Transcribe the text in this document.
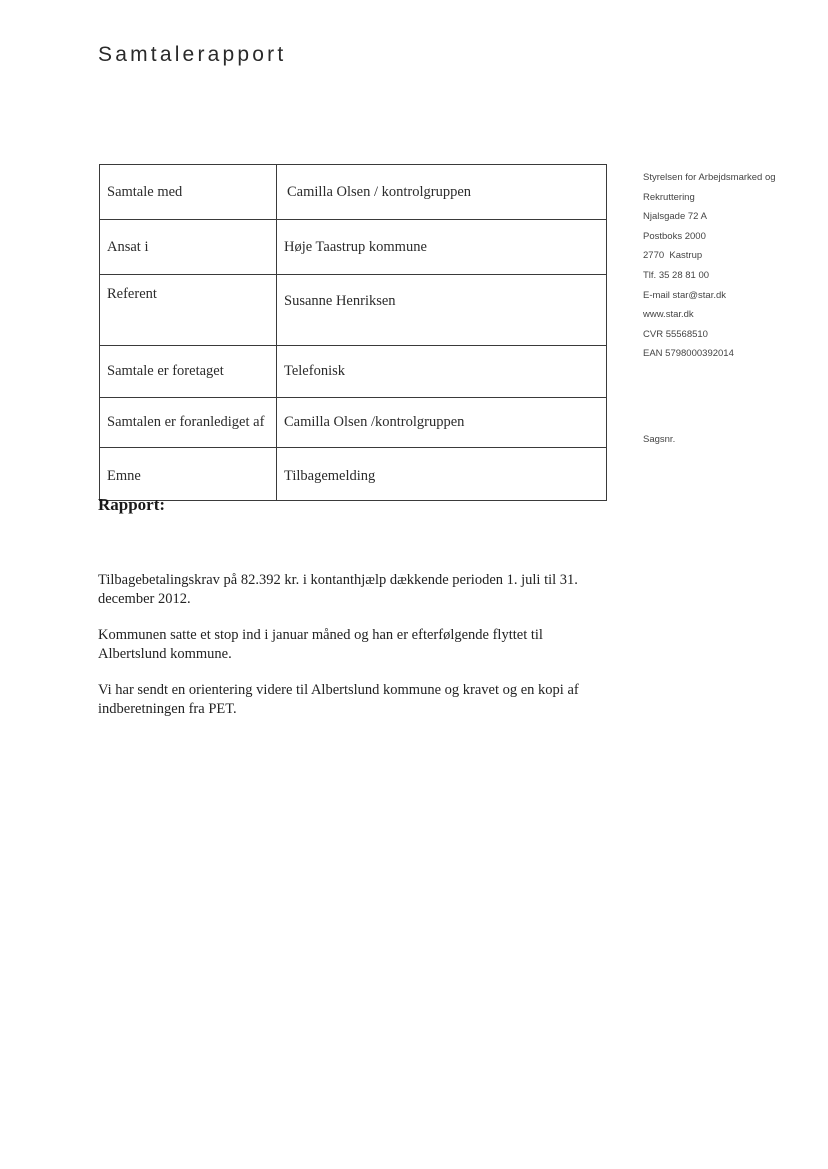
Samtalerapport
Samtale med	Camilla Olsen / kontrolgruppen
Ansat i	Høje Taastrup kommune
Referent	Susanne Henriksen
Samtale er foretaget	Telefonisk
Samtalen er foranlediget af	Camilla Olsen /kontrolgruppen
Emne	Tilbagemelding
Styrelsen for Arbejdsmarked og
Rekruttering
Njalsgade 72 A
Postboks 2000
2770  Kastrup
Tlf. 35 28 81 00
E-mail star@star.dk
www.star.dk
CVR 55568510
EAN 5798000392014
Sagsnr.
Rapport:

Tilbagebetalingskrav på 82.392 kr. i kontanthjælp dækkende perioden 1. juli til 31. december 2012.

Kommunen satte et stop ind i januar måned og han er efterfølgende flyttet til Albertslund kommune.

Vi har sendt en orientering videre til Albertslund kommune og kravet og en kopi af indberetningen fra PET.
